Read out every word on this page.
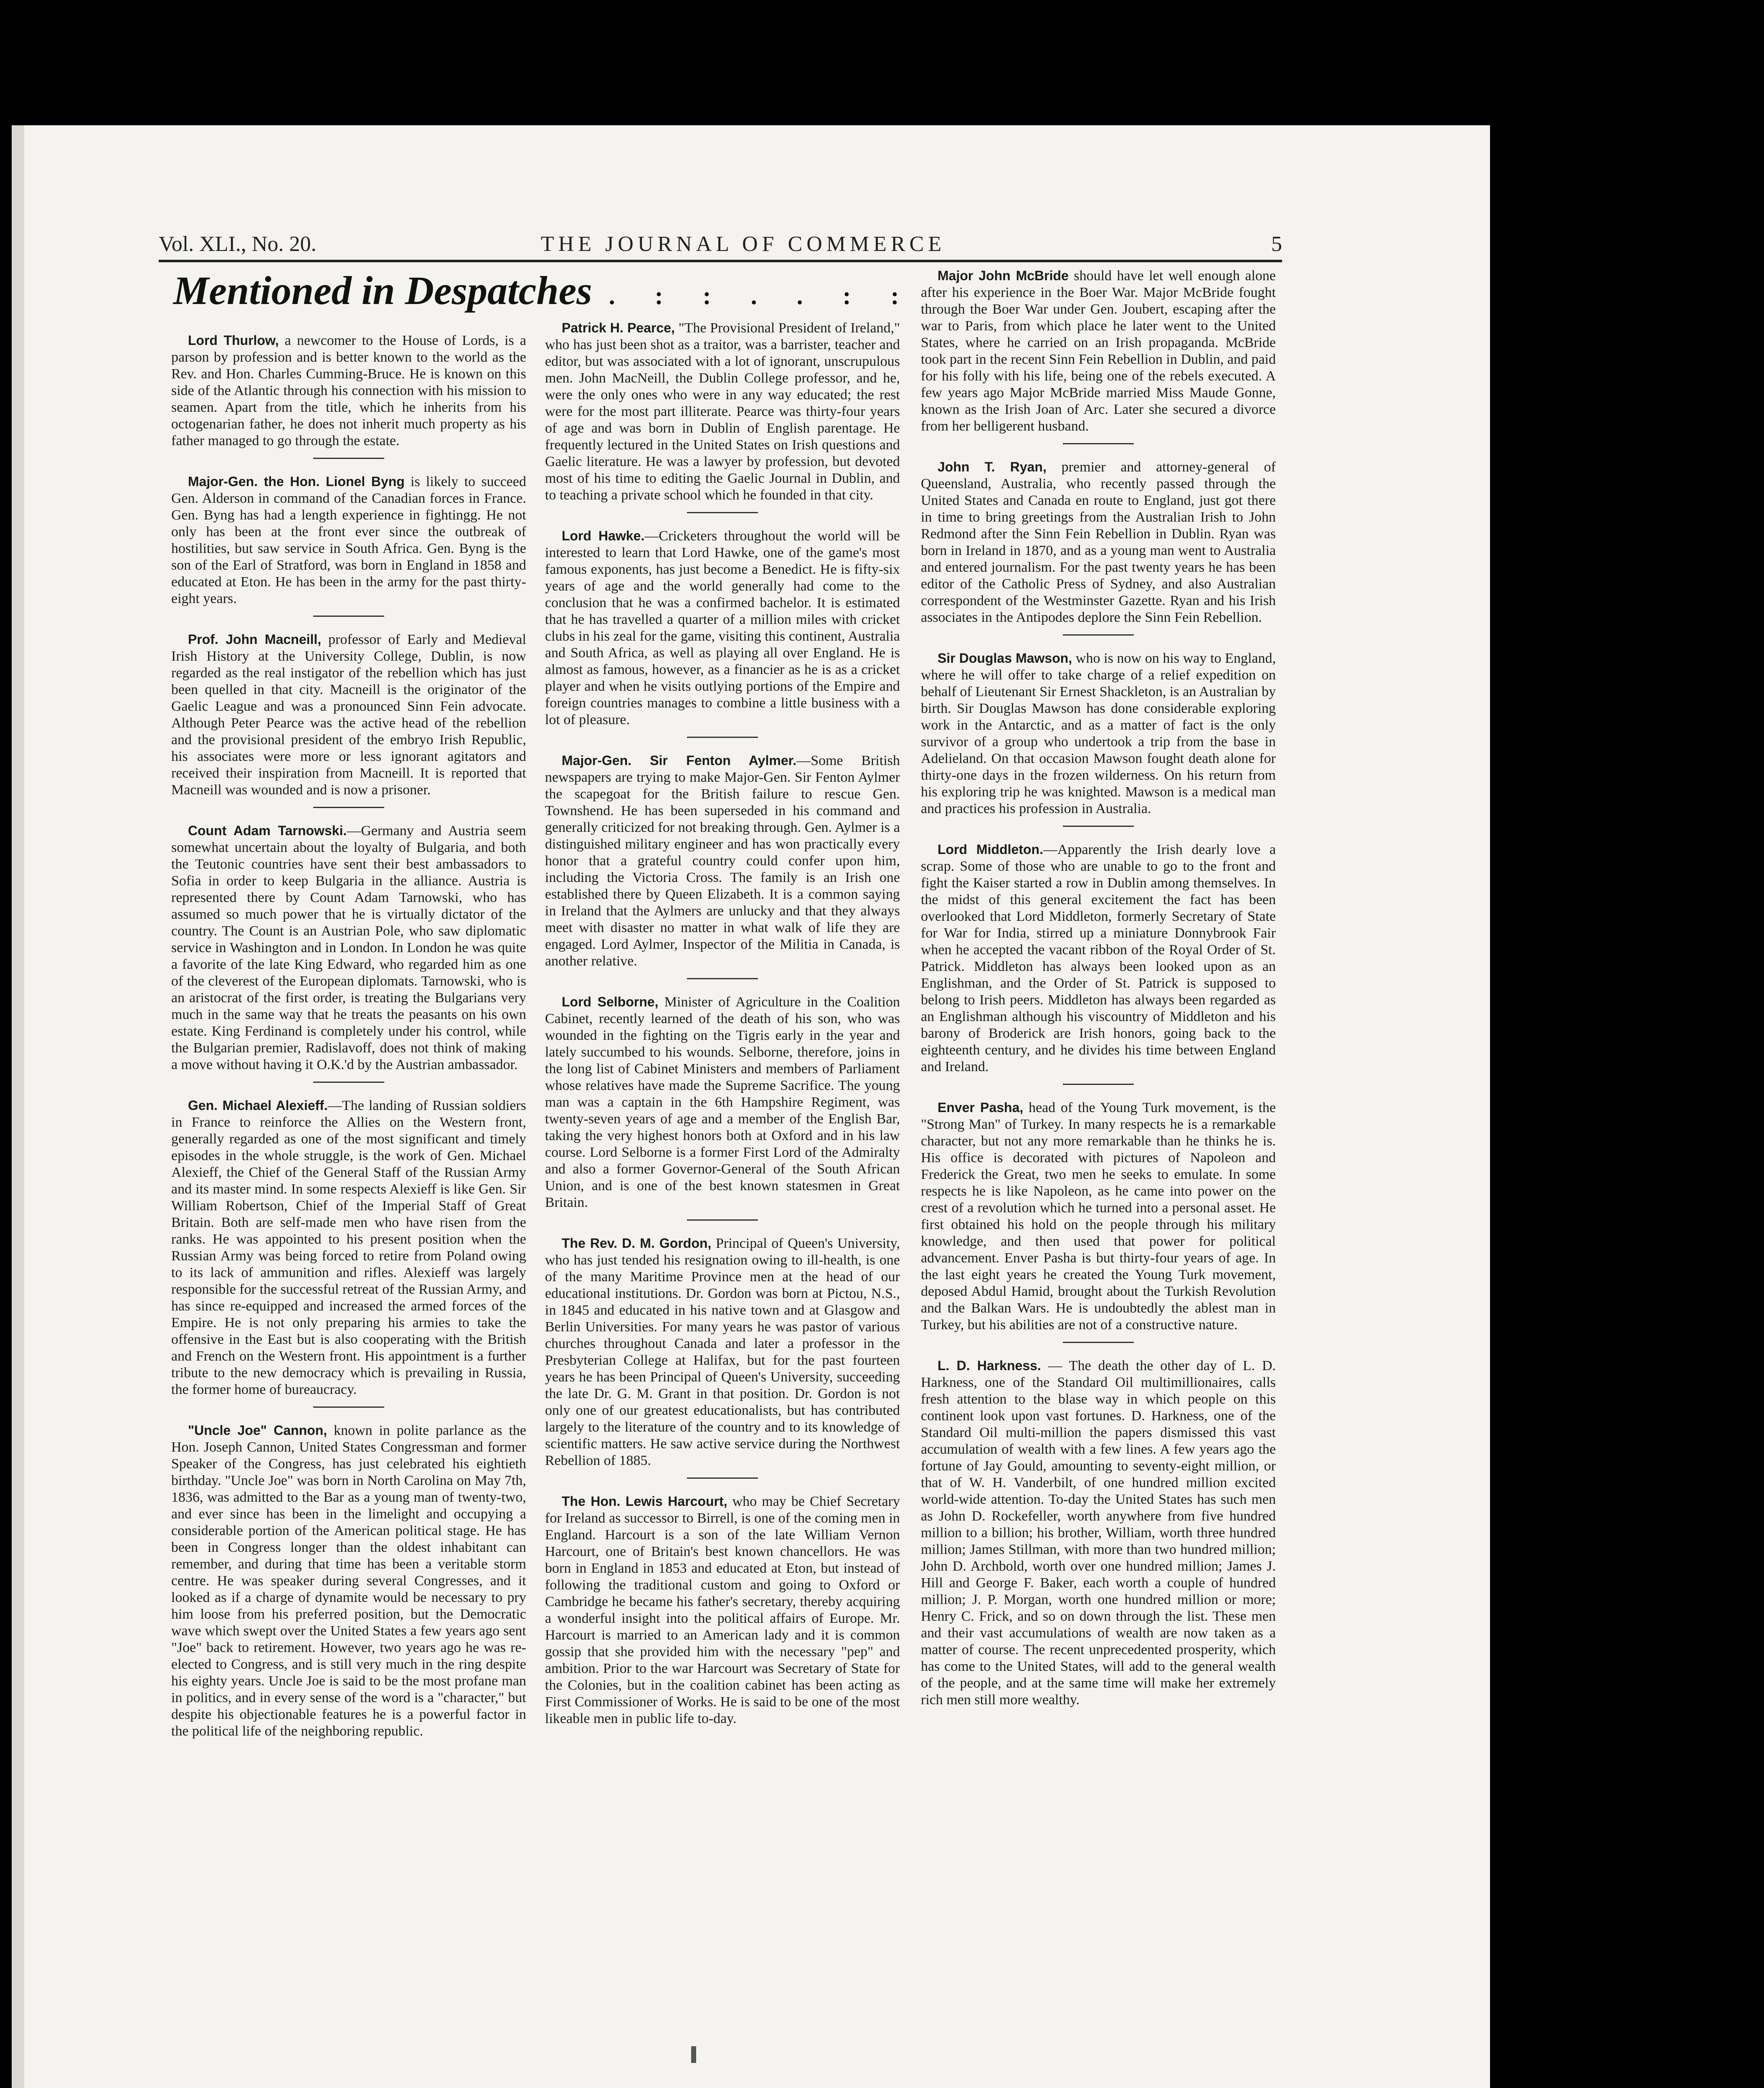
Vol. XLI., No. 20.	THE JOURNAL OF COMMERCE	5
Mentioned in Despatches . : : . . : :

Lord Thurlow, a newcomer to the House of Lords, is a parson by profession and is better known to the world as the Rev. and Hon. Charles Cumming-Bruce. He is known on this side of the Atlantic through his connection with his mission to seamen. Apart from the title, which he inherits from his octogenarian father, he does not inherit much property as his father managed to go through the estate.

Major-Gen. the Hon. Lionel Byng is likely to succeed Gen. Alderson in command of the Canadian forces in France. Gen. Byng has had a length experience in fightingg. He not only has been at the front ever since the outbreak of hostilities, but saw service in South Africa. Gen. Byng is the son of the Earl of Stratford, was born in England in 1858 and educated at Eton. He has been in the army for the past thirty-eight years.

Prof. John Macneill, professor of Early and Medieval Irish History at the University College, Dublin, is now regarded as the real instigator of the rebellion which has just been quelled in that city. Macneill is the originator of the Gaelic League and was a pronounced Sinn Fein advocate. Although Peter Pearce was the active head of the rebellion and the provisional president of the embryo Irish Republic, his associates were more or less ignorant agitators and received their inspiration from Macneill. It is reported that Macneill was wounded and is now a prisoner.

Count Adam Tarnowski.—Germany and Austria seem somewhat uncertain about the loyalty of Bulgaria, and both the Teutonic countries have sent their best ambassadors to Sofia in order to keep Bulgaria in the alliance. Austria is represented there by Count Adam Tarnowski, who has assumed so much power that he is virtually dictator of the country. The Count is an Austrian Pole, who saw diplomatic service in Washington and in London. In London he was quite a favorite of the late King Edward, who regarded him as one of the cleverest of the European diplomats. Tarnowski, who is an aristocrat of the first order, is treating the Bulgarians very much in the same way that he treats the peasants on his own estate. King Ferdinand is completely under his control, while the Bulgarian premier, Radislavoff, does not think of making a move without having it O.K.'d by the Austrian ambassador.

Gen. Michael Alexieff.—The landing of Russian soldiers in France to reinforce the Allies on the Western front, generally regarded as one of the most significant and timely episodes in the whole struggle, is the work of Gen. Michael Alexieff, the Chief of the General Staff of the Russian Army and its master mind. In some respects Alexieff is like Gen. Sir William Robertson, Chief of the Imperial Staff of Great Britain. Both are self-made men who have risen from the ranks. He was appointed to his present position when the Russian Army was being forced to retire from Poland owing to its lack of ammunition and rifles. Alexieff was largely responsible for the successful retreat of the Russian Army, and has since re-equipped and increased the armed forces of the Empire. He is not only preparing his armies to take the offensive in the East but is also cooperating with the British and French on the Western front. His appointment is a further tribute to the new democracy which is prevailing in Russia, the former home of bureaucracy.

"Uncle Joe" Cannon, known in polite parlance as the Hon. Joseph Cannon, United States Congressman and former Speaker of the Congress, has just celebrated his eightieth birthday. "Uncle Joe" was born in North Carolina on May 7th, 1836, was admitted to the Bar as a young man of twenty-two, and ever since has been in the limelight and occupying a considerable portion of the American political stage. He has been in Congress longer than the oldest inhabitant can remember, and during that time has been a veritable storm centre. He was speaker during several Congresses, and it looked as if a charge of dynamite would be necessary to pry him loose from his preferred position, but the Democratic wave which swept over the United States a few years ago sent "Joe" back to retirement. However, two years ago he was re-elected to Congress, and is still very much in the ring despite his eighty years. Uncle Joe is said to be the most profane man in politics, and in every sense of the word is a "character," but despite his objectionable features he is a powerful factor in the political life of the neighboring republic.

Patrick H. Pearce, "The Provisional President of Ireland," who has just been shot as a traitor, was a barrister, teacher and editor, but was associated with a lot of ignorant, unscrupulous men. John MacNeill, the Dublin College professor, and he, were the only ones who were in any way educated; the rest were for the most part illiterate. Pearce was thirty-four years of age and was born in Dublin of English parentage. He frequently lectured in the United States on Irish questions and Gaelic literature. He was a lawyer by profession, but devoted most of his time to editing the Gaelic Journal in Dublin, and to teaching a private school which he founded in that city.

Lord Hawke.—Cricketers throughout the world will be interested to learn that Lord Hawke, one of the game's most famous exponents, has just become a Benedict. He is fifty-six years of age and the world generally had come to the conclusion that he was a confirmed bachelor. It is estimated that he has travelled a quarter of a million miles with cricket clubs in his zeal for the game, visiting this continent, Australia and South Africa, as well as playing all over England. He is almost as famous, however, as a financier as he is as a cricket player and when he visits outlying portions of the Empire and foreign countries manages to combine a little business with a lot of pleasure.

Major-Gen. Sir Fenton Aylmer.—Some British newspapers are trying to make Major-Gen. Sir Fenton Aylmer the scapegoat for the British failure to rescue Gen. Townshend. He has been superseded in his command and generally criticized for not breaking through. Gen. Aylmer is a distinguished military engineer and has won practically every honor that a grateful country could confer upon him, including the Victoria Cross. The family is an Irish one established there by Queen Elizabeth. It is a common saying in Ireland that the Aylmers are unlucky and that they always meet with disaster no matter in what walk of life they are engaged. Lord Aylmer, Inspector of the Militia in Canada, is another relative.

Lord Selborne, Minister of Agriculture in the Coalition Cabinet, recently learned of the death of his son, who was wounded in the fighting on the Tigris early in the year and lately succumbed to his wounds. Selborne, therefore, joins in the long list of Cabinet Ministers and members of Parliament whose relatives have made the Supreme Sacrifice. The young man was a captain in the 6th Hampshire Regiment, was twenty-seven years of age and a member of the English Bar, taking the very highest honors both at Oxford and in his law course. Lord Selborne is a former First Lord of the Admiralty and also a former Governor-General of the South African Union, and is one of the best known statesmen in Great Britain.

The Rev. D. M. Gordon, Principal of Queen's University, who has just tended his resignation owing to ill-health, is one of the many Maritime Province men at the head of our educational institutions. Dr. Gordon was born at Pictou, N.S., in 1845 and educated in his native town and at Glasgow and Berlin Universities. For many years he was pastor of various churches throughout Canada and later a professor in the Presbyterian College at Halifax, but for the past fourteen years he has been Principal of Queen's University, succeeding the late Dr. G. M. Grant in that position. Dr. Gordon is not only one of our greatest educationalists, but has contributed largely to the literature of the country and to its knowledge of scientific matters. He saw active service during the Northwest Rebellion of 1885.

The Hon. Lewis Harcourt, who may be Chief Secretary for Ireland as successor to Birrell, is one of the coming men in England. Harcourt is a son of the late William Vernon Harcourt, one of Britain's best known chancellors. He was born in England in 1853 and educated at Eton, but instead of following the traditional custom and going to Oxford or Cambridge he became his father's secretary, thereby acquiring a wonderful insight into the political affairs of Europe. Mr. Harcourt is married to an American lady and it is common gossip that she provided him with the necessary "pep" and ambition. Prior to the war Harcourt was Secretary of State for the Colonies, but in the coalition cabinet has been acting as First Commissioner of Works. He is said to be one of the most likeable men in public life to-day.

Major John McBride should have let well enough alone after his experience in the Boer War. Major McBride fought through the Boer War under Gen. Joubert, escaping after the war to Paris, from which place he later went to the United States, where he carried on an Irish propaganda. McBride took part in the recent Sinn Fein Rebellion in Dublin, and paid for his folly with his life, being one of the rebels executed. A few years ago Major McBride married Miss Maude Gonne, known as the Irish Joan of Arc. Later she secured a divorce from her belligerent husband.

John T. Ryan, premier and attorney-general of Queensland, Australia, who recently passed through the United States and Canada en route to England, just got there in time to bring greetings from the Australian Irish to John Redmond after the Sinn Fein Rebellion in Dublin. Ryan was born in Ireland in 1870, and as a young man went to Australia and entered journalism. For the past twenty years he has been editor of the Catholic Press of Sydney, and also Australian correspondent of the Westminster Gazette. Ryan and his Irish associates in the Antipodes deplore the Sinn Fein Rebellion.

Sir Douglas Mawson, who is now on his way to England, where he will offer to take charge of a relief expedition on behalf of Lieutenant Sir Ernest Shackleton, is an Australian by birth. Sir Douglas Mawson has done considerable exploring work in the Antarctic, and as a matter of fact is the only survivor of a group who undertook a trip from the base in Adelieland. On that occasion Mawson fought death alone for thirty-one days in the frozen wilderness. On his return from his exploring trip he was knighted. Mawson is a medical man and practices his profession in Australia.

Lord Middleton.—Apparently the Irish dearly love a scrap. Some of those who are unable to go to the front and fight the Kaiser started a row in Dublin among themselves. In the midst of this general excitement the fact has been overlooked that Lord Middleton, formerly Secretary of State for War for India, stirred up a miniature Donnybrook Fair when he accepted the vacant ribbon of the Royal Order of St. Patrick. Middleton has always been looked upon as an Englishman, and the Order of St. Patrick is supposed to belong to Irish peers. Middleton has always been regarded as an Englishman although his viscountry of Middleton and his barony of Broderick are Irish honors, going back to the eighteenth century, and he divides his time between England and Ireland.

Enver Pasha, head of the Young Turk movement, is the "Strong Man" of Turkey. In many respects he is a remarkable character, but not any more remarkable than he thinks he is. His office is decorated with pictures of Napoleon and Frederick the Great, two men he seeks to emulate. In some respects he is like Napoleon, as he came into power on the crest of a revolution which he turned into a personal asset. He first obtained his hold on the people through his military knowledge, and then used that power for political advancement. Enver Pasha is but thirty-four years of age. In the last eight years he created the Young Turk movement, deposed Abdul Hamid, brought about the Turkish Revolution and the Balkan Wars. He is undoubtedly the ablest man in Turkey, but his abilities are not of a constructive nature.

L. D. Harkness. — The death the other day of L. D. Harkness, one of the Standard Oil multimillionaires, calls fresh attention to the blase way in which people on this continent look upon vast fortunes. D. Harkness, one of the Standard Oil multi-million the papers dismissed this vast accumulation of wealth with a few lines. A few years ago the fortune of Jay Gould, amounting to seventy-eight million, or that of W. H. Vanderbilt, of one hundred million excited world-wide attention. To-day the United States has such men as John D. Rockefeller, worth anywhere from five hundred million to a billion; his brother, William, worth three hundred million; James Stillman, with more than two hundred million; John D. Archbold, worth over one hundred million; James J. Hill and George F. Baker, each worth a couple of hundred million; J. P. Morgan, worth one hundred million or more; Henry C. Frick, and so on down through the list. These men and their vast accumulations of wealth are now taken as a matter of course. The recent unprecedented prosperity, which has come to the United States, will add to the general wealth of the people, and at the same time will make her extremely rich men still more wealthy.
